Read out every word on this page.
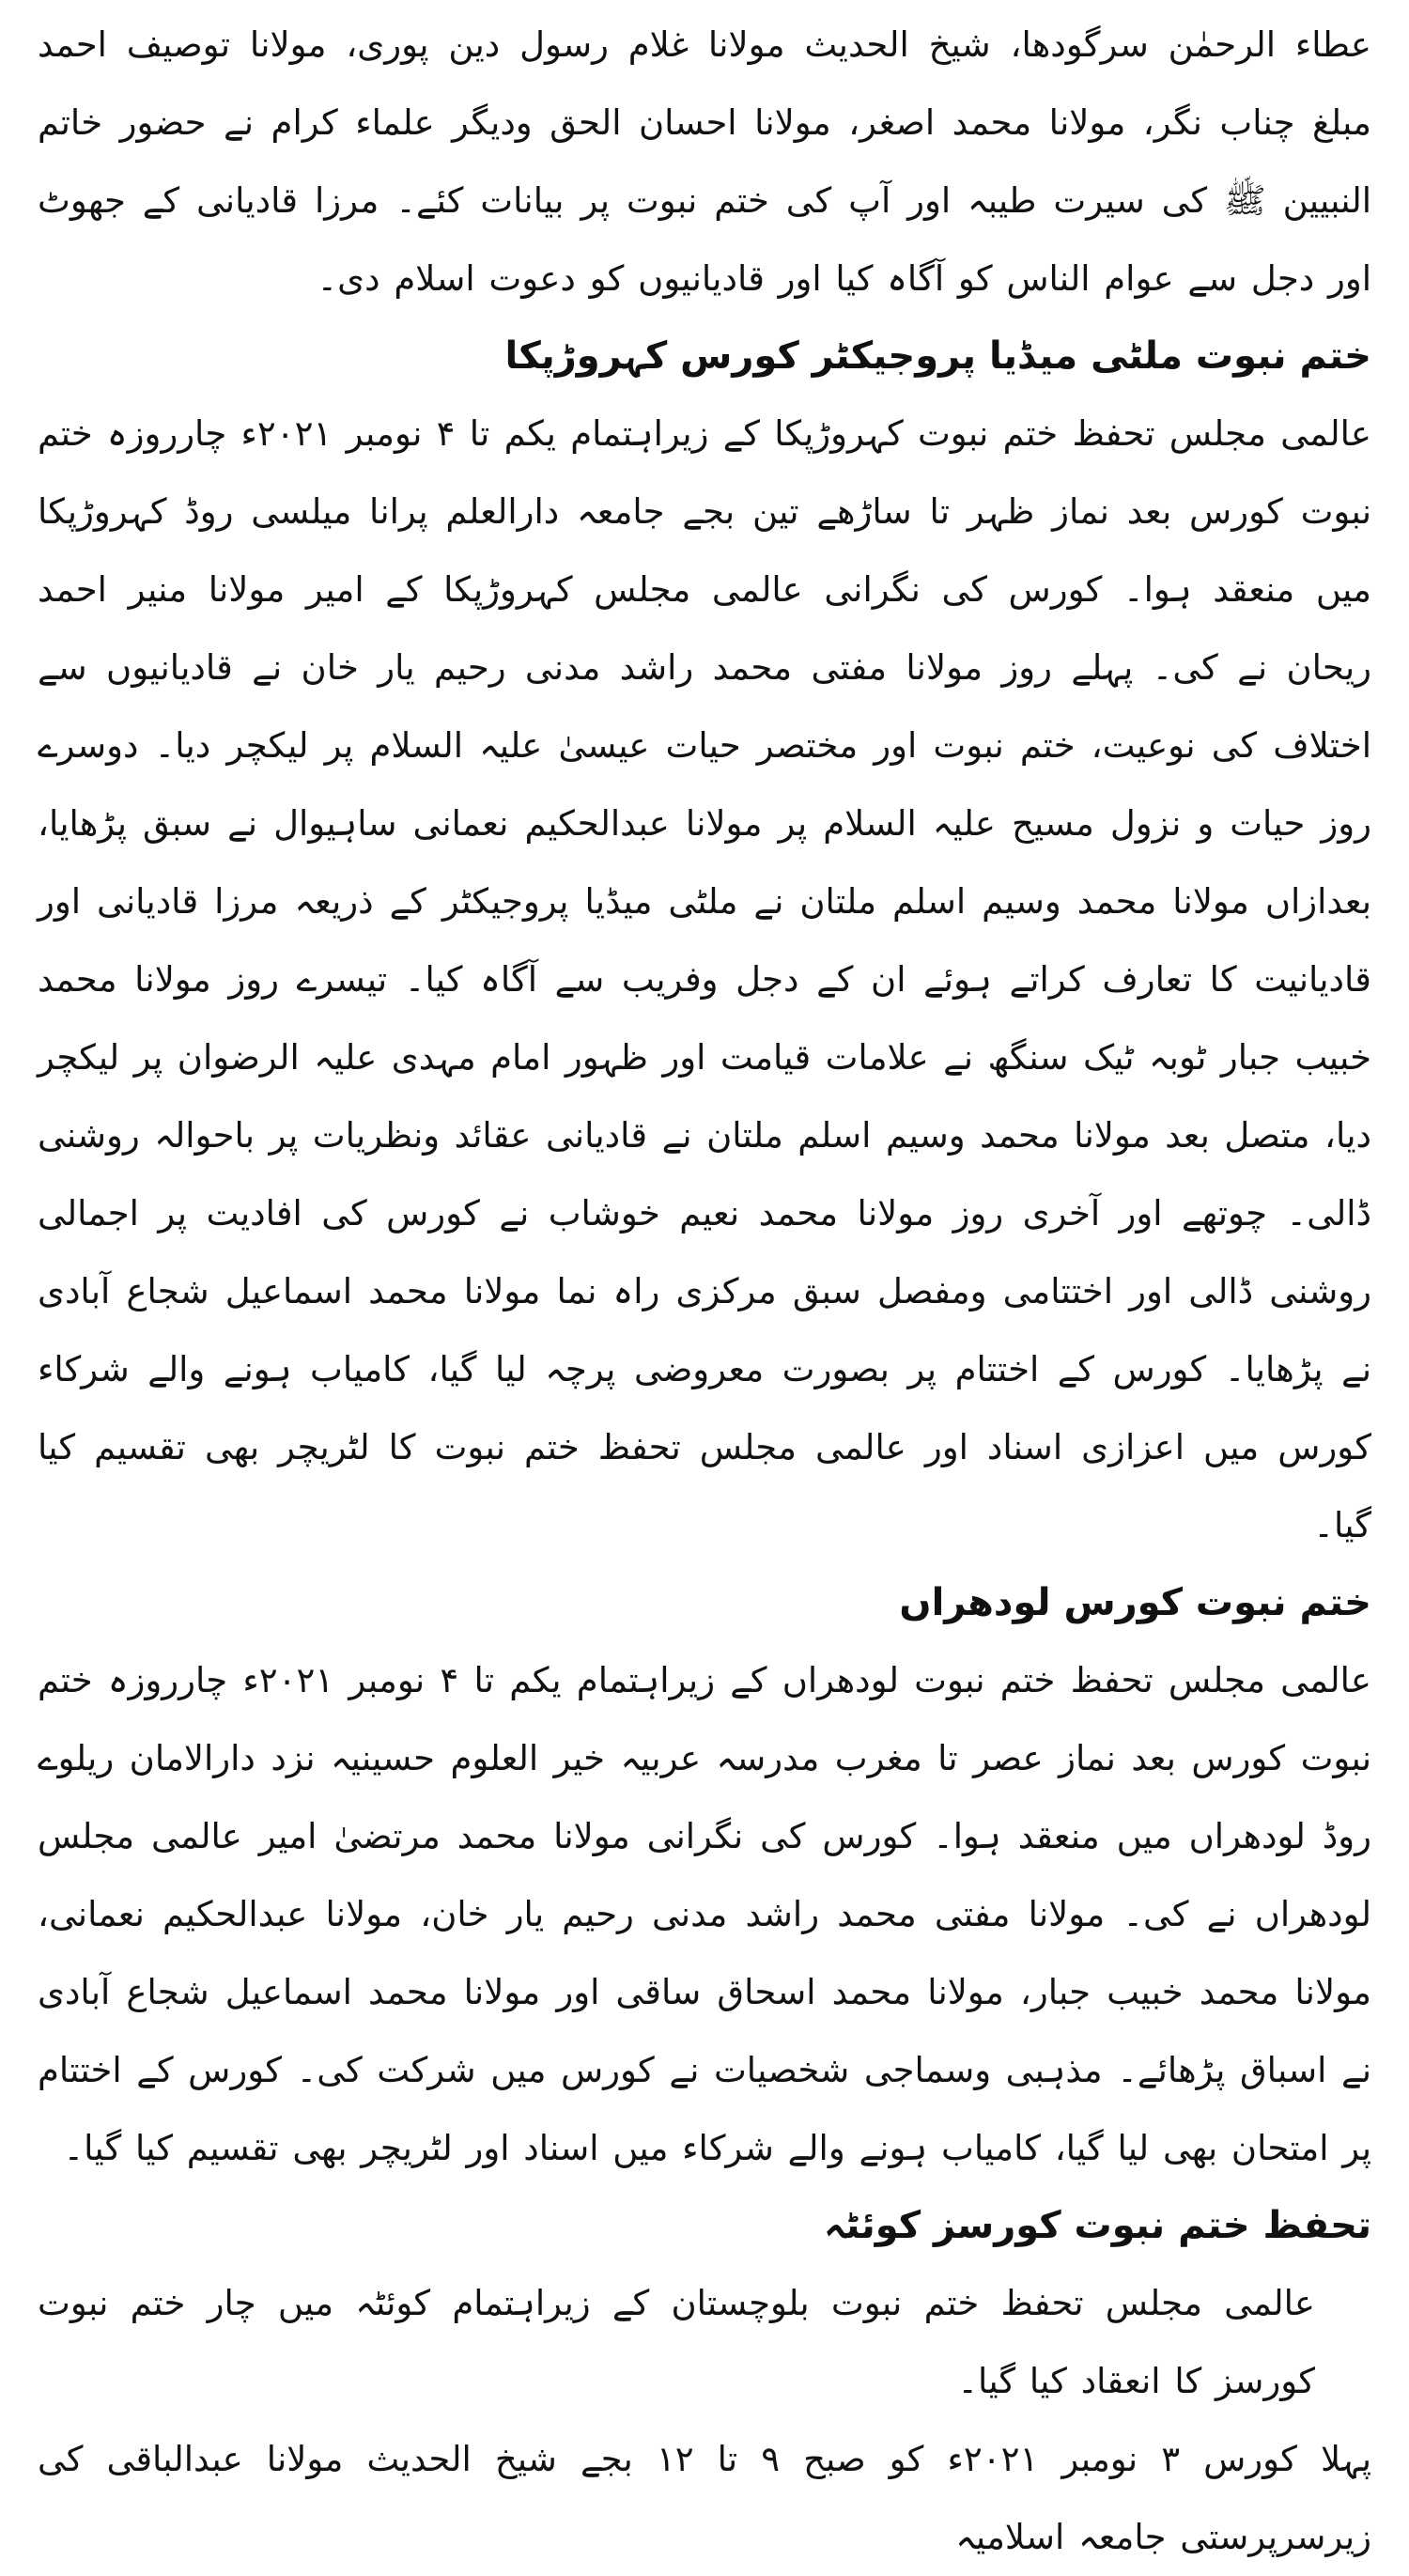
عطاء الرحمٰن سرگودھا، شیخ الحدیث مولانا غلام رسول دین پوری، مولانا توصیف احمد مبلغ چناب نگر، مولانا محمد اصغر، مولانا احسان الحق ودیگر علماء کرام نے حضور خاتم النبیین ﷺ کی سیرت طیبہ اور آپ کی ختم نبوت پر بیانات کئے۔ مرزا قادیانی کے جھوٹ اور دجل سے عوام الناس کو آگاہ کیا اور قادیانیوں کو دعوت اسلام دی۔

ختم نبوت ملٹی میڈیا پروجیکٹر کورس کہروڑپکا

عالمی مجلس تحفظ ختم نبوت کہروڑپکا کے زیراہتمام یکم تا ۴ نومبر ۲۰۲۱ء چارروزہ ختم نبوت کورس بعد نماز ظہر تا ساڑھے تین بجے جامعہ دارالعلم پرانا میلسی روڈ کہروڑپکا میں منعقد ہوا۔ کورس کی نگرانی عالمی مجلس کہروڑپکا کے امیر مولانا منیر احمد ریحان نے کی۔ پہلے روز مولانا مفتی محمد راشد مدنی رحیم یار خان نے قادیانیوں سے اختلاف کی نوعیت، ختم نبوت اور مختصر حیات عیسیٰ علیہ السلام پر لیکچر دیا۔ دوسرے روز حیات و نزول مسیح علیہ السلام پر مولانا عبدالحکیم نعمانی ساہیوال نے سبق پڑھایا، بعدازاں مولانا محمد وسیم اسلم ملتان نے ملٹی میڈیا پروجیکٹر کے ذریعہ مرزا قادیانی اور قادیانیت کا تعارف کراتے ہوئے ان کے دجل وفریب سے آگاہ کیا۔ تیسرے روز مولانا محمد خبیب جبار ٹوبہ ٹیک سنگھ نے علامات قیامت اور ظہور امام مہدی علیہ الرضوان پر لیکچر دیا، متصل بعد مولانا محمد وسیم اسلم ملتان نے قادیانی عقائد ونظریات پر باحوالہ روشنی ڈالی۔ چوتھے اور آخری روز مولانا محمد نعیم خوشاب نے کورس کی افادیت پر اجمالی روشنی ڈالی اور اختتامی ومفصل سبق مرکزی راہ نما مولانا محمد اسماعیل شجاع آبادی نے پڑھایا۔ کورس کے اختتام پر بصورت معروضی پرچہ لیا گیا، کامیاب ہونے والے شرکاء کورس میں اعزازی اسناد اور عالمی مجلس تحفظ ختم نبوت کا لٹریچر بھی تقسیم کیا گیا۔

ختم نبوت کورس لودھراں

عالمی مجلس تحفظ ختم نبوت لودھراں کے زیراہتمام یکم تا ۴ نومبر ۲۰۲۱ء چارروزہ ختم نبوت کورس بعد نماز عصر تا مغرب مدرسہ عربیہ خیر العلوم حسینیہ نزد دارالامان ریلوے روڈ لودھراں میں منعقد ہوا۔ کورس کی نگرانی مولانا محمد مرتضیٰ امیر عالمی مجلس لودھراں نے کی۔ مولانا مفتی محمد راشد مدنی رحیم یار خان، مولانا عبدالحکیم نعمانی، مولانا محمد خبیب جبار، مولانا محمد اسحاق ساقی اور مولانا محمد اسماعیل شجاع آبادی نے اسباق پڑھائے۔ مذہبی وسماجی شخصیات نے کورس میں شرکت کی۔ کورس کے اختتام پر امتحان بھی لیا گیا، کامیاب ہونے والے شرکاء میں اسناد اور لٹریچر بھی تقسیم کیا گیا۔

تحفظ ختم نبوت کورسز کوئٹہ

عالمی مجلس تحفظ ختم نبوت بلوچستان کے زیراہتمام کوئٹہ میں چار ختم نبوت کورسز کا انعقاد کیا گیا۔

پہلا کورس ۳ نومبر ۲۰۲۱ء کو صبح ۹ تا ۱۲ بجے شیخ الحدیث مولانا عبدالباقی کی زیرسرپرستی جامعہ اسلامیہ
